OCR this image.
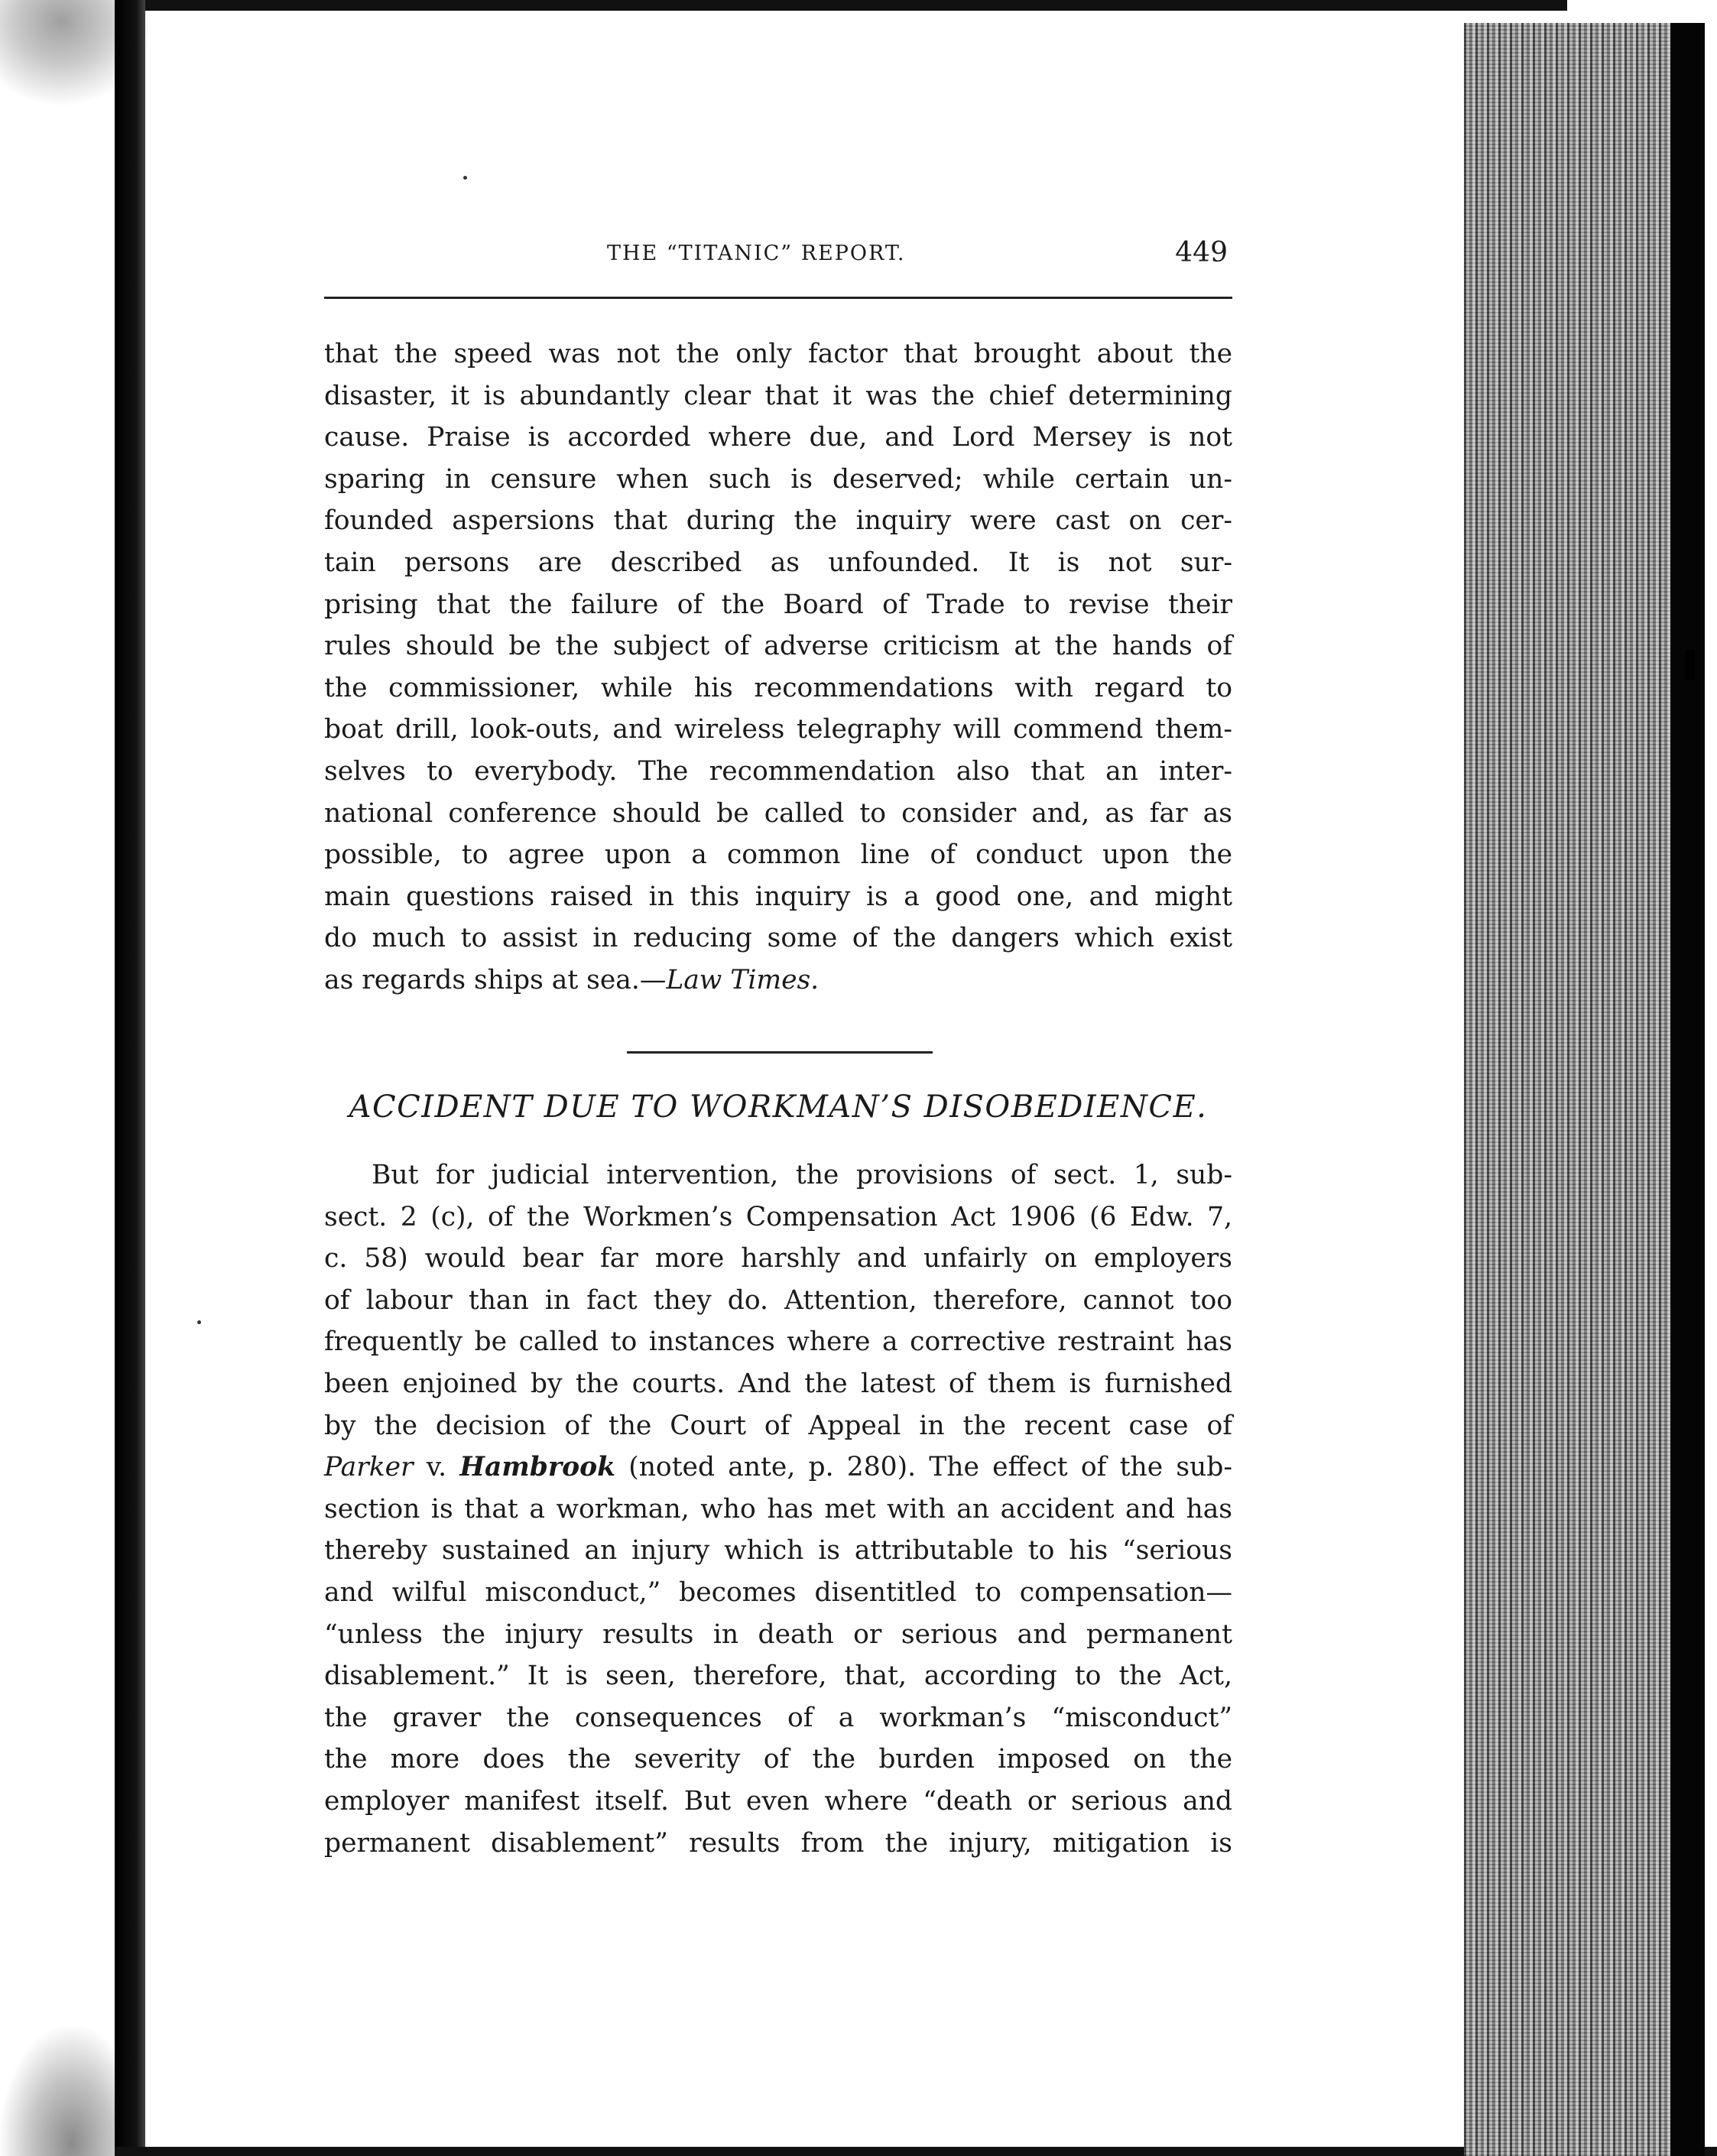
THE “TITANIC” REPORT.	449
that the speed was not the only factor that brought about the
disaster, it is abundantly clear that it was the chief determining
cause. Praise is accorded where due, and Lord Mersey is not
sparing in censure when such is deserved; while certain un-
founded aspersions that during the inquiry were cast on cer-
tain persons are described as unfounded. It is not sur-
prising that the failure of the Board of Trade to revise their
rules should be the subject of adverse criticism at the hands of
the commissioner, while his recommendations with regard to
boat drill, look-outs, and wireless telegraphy will commend them-
selves to everybody. The recommendation also that an inter-
national conference should be called to consider and, as far as
possible, to agree upon a common line of conduct upon the
main questions raised in this inquiry is a good one, and might
do much to assist in reducing some of the dangers which exist
as regards ships at sea.—Law Times.
ACCIDENT DUE TO WORKMAN’S DISOBEDIENCE.
But for judicial intervention, the provisions of sect. 1, sub-
sect. 2 (c), of the Workmen’s Compensation Act 1906 (6 Edw. 7,
c. 58) would bear far more harshly and unfairly on employers
of labour than in fact they do. Attention, therefore, cannot too
frequently be called to instances where a corrective restraint has
been enjoined by the courts. And the latest of them is furnished
by the decision of the Court of Appeal in the recent case of
Parker v. Hambrook (noted ante, p. 280). The effect of the sub-
section is that a workman, who has met with an accident and has
thereby sustained an injury which is attributable to his “serious
and wilful misconduct,” becomes disentitled to compensation—
“unless the injury results in death or serious and permanent
disablement.” It is seen, therefore, that, according to the Act,
the graver the consequences of a workman’s “misconduct”
the more does the severity of the burden imposed on the
employer manifest itself. But even where “death or serious and
permanent disablement” results from the injury, mitigation is
